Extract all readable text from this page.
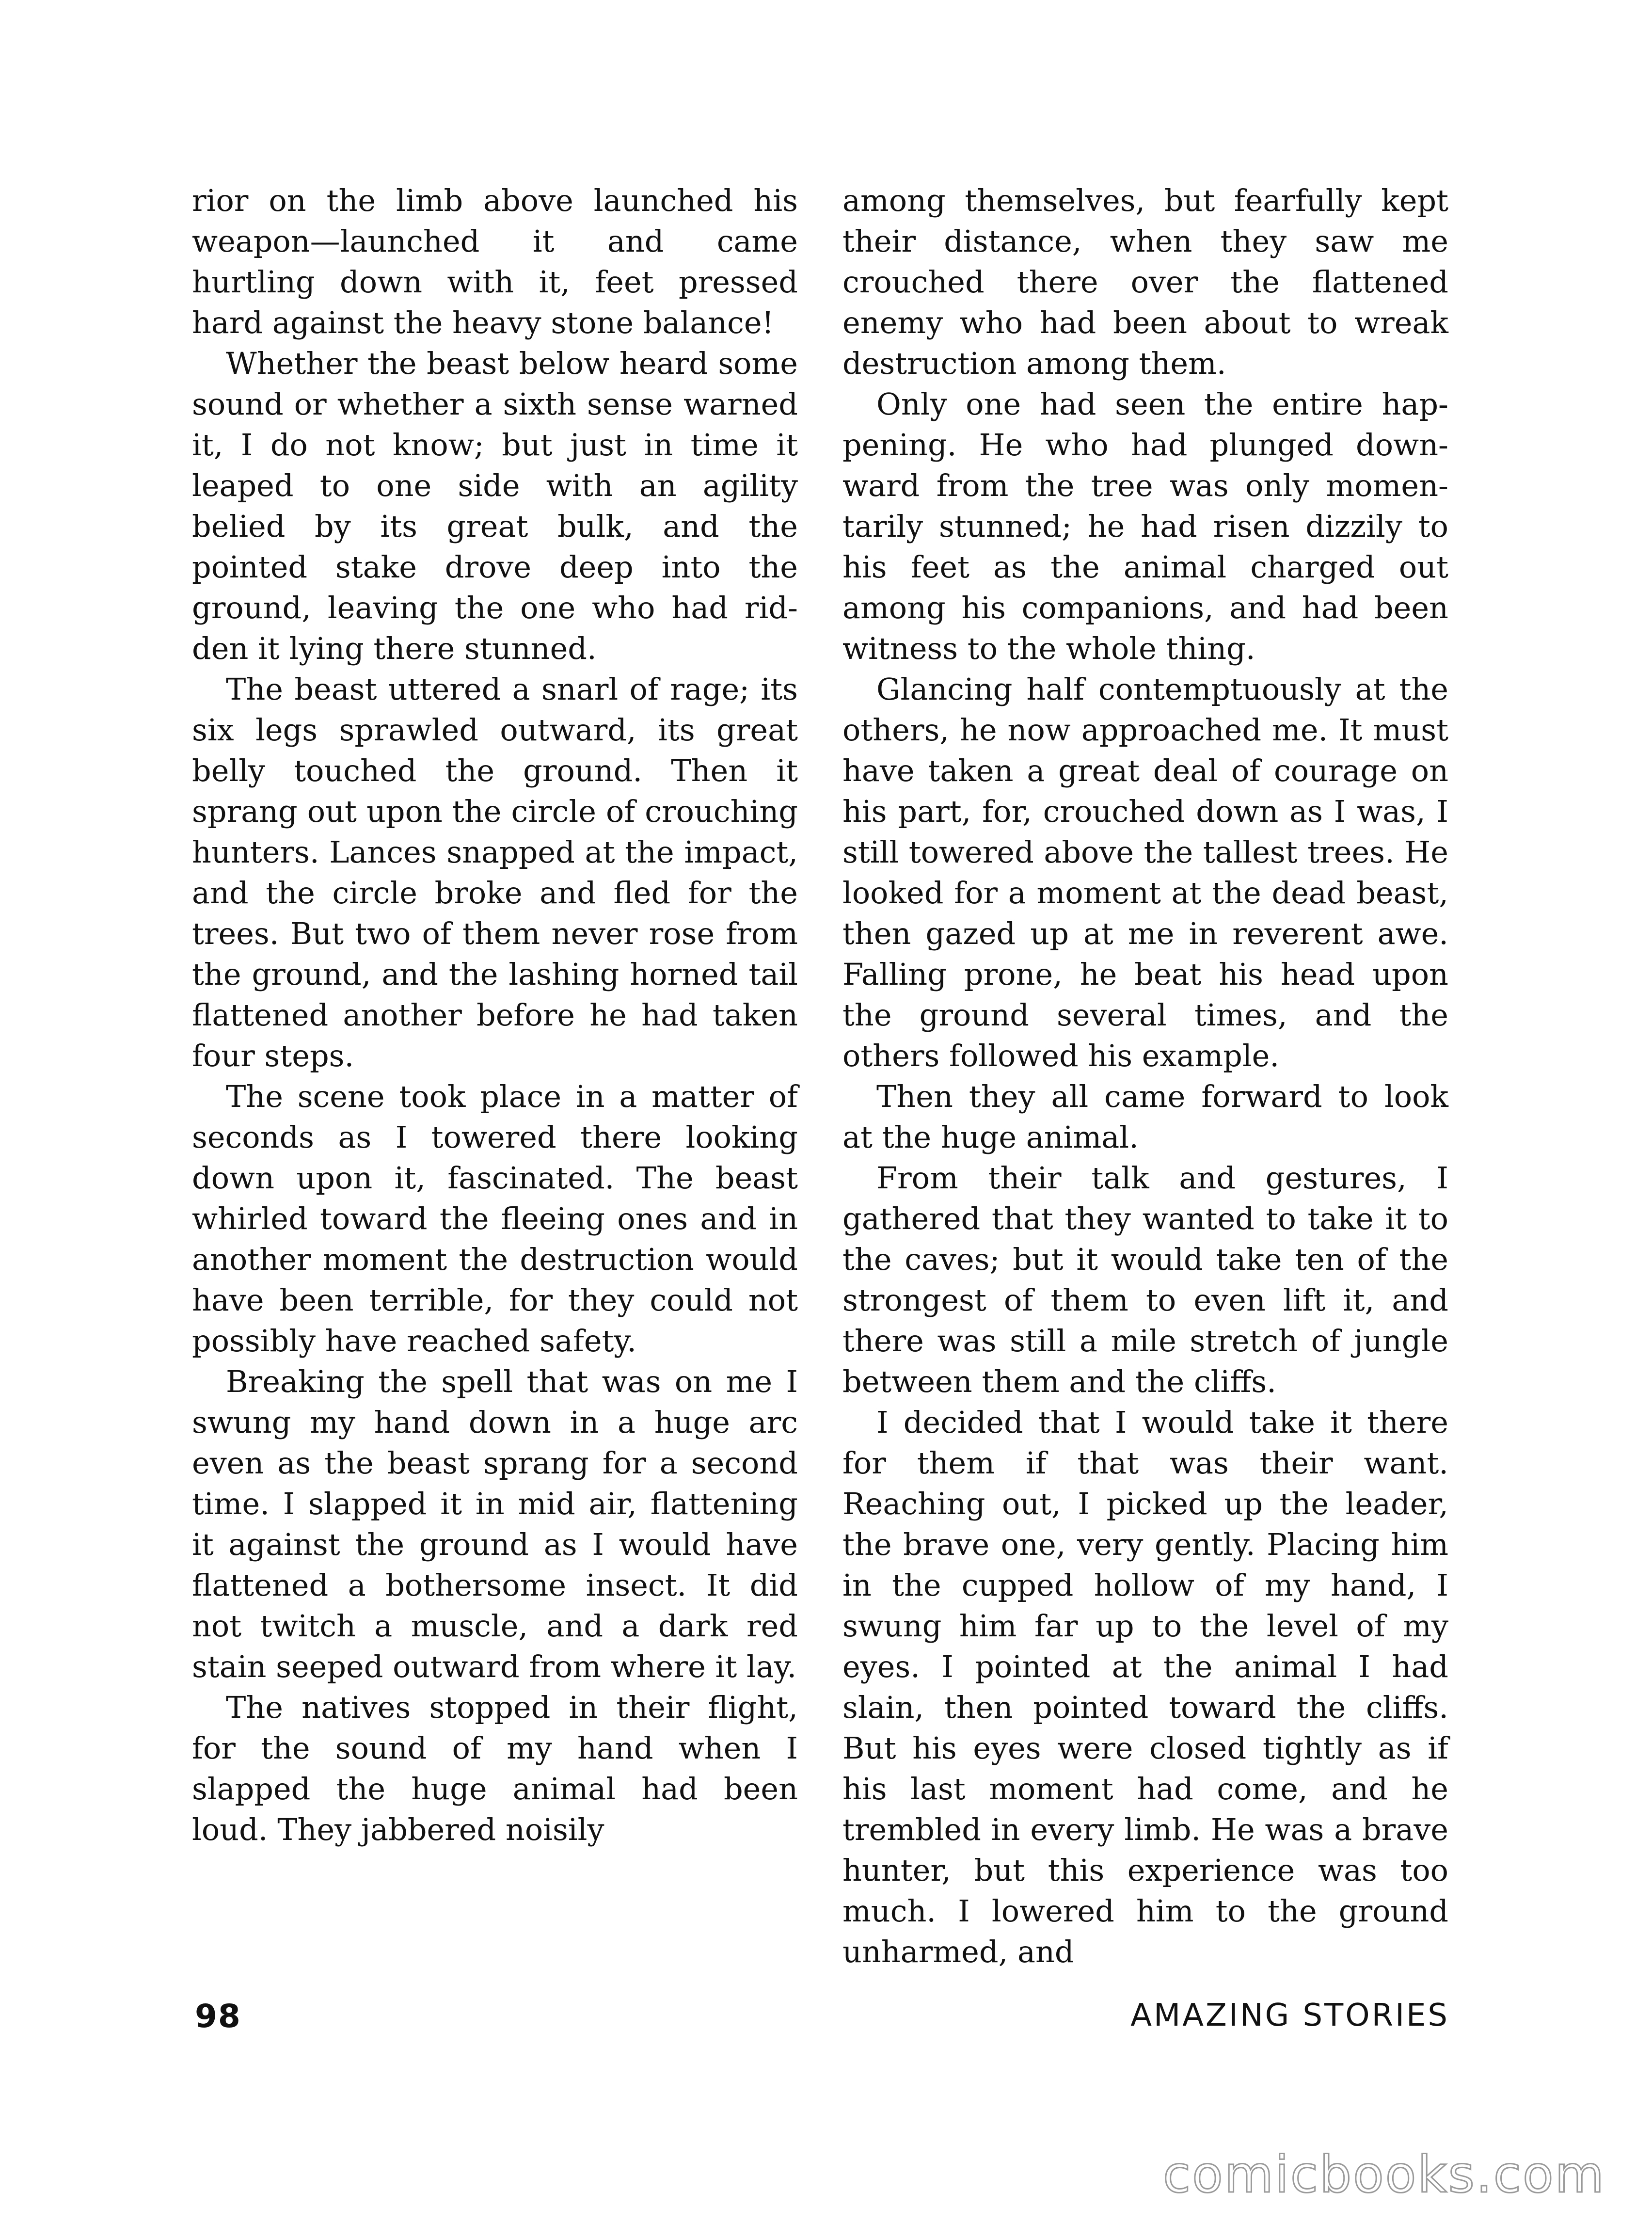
rior on the limb above launched his weapon—launched it and came hurtling down with it, feet pressed hard against the heavy stone balance!

Whether the beast below heard some sound or whether a sixth sense warned it, I do not know; but just in time it leaped to one side with an agility belied by its great bulk, and the pointed stake drove deep into the ground, leaving the one who had ridden it lying there stunned.

The beast uttered a snarl of rage; its six legs sprawled outward, its great belly touched the ground. Then it sprang out upon the circle of crouching hunters. Lances snapped at the impact, and the circle broke and fled for the trees. But two of them never rose from the ground, and the lashing horned tail flattened another before he had taken four steps.

The scene took place in a matter of seconds as I towered there looking down upon it, fascinated. The beast whirled toward the fleeing ones and in another moment the destruction would have been terrible, for they could not possibly have reached safety.

Breaking the spell that was on me I swung my hand down in a huge arc even as the beast sprang for a second time. I slapped it in mid air, flattening it against the ground as I would have flattened a bothersome insect. It did not twitch a muscle, and a dark red stain seeped outward from where it lay.

The natives stopped in their flight, for the sound of my hand when I slapped the huge animal had been loud. They jabbered noisily

among themselves, but fearfully kept their distance, when they saw me crouched there over the flattened enemy who had been about to wreak destruction among them.

Only one had seen the entire happening. He who had plunged downward from the tree was only momentarily stunned; he had risen dizzily to his feet as the animal charged out among his companions, and had been witness to the whole thing.

Glancing half contemptuously at the others, he now approached me. It must have taken a great deal of courage on his part, for, crouched down as I was, I still towered above the tallest trees. He looked for a moment at the dead beast, then gazed up at me in reverent awe. Falling prone, he beat his head upon the ground several times, and the others followed his example.

Then they all came forward to look at the huge animal.

From their talk and gestures, I gathered that they wanted to take it to the caves; but it would take ten of the strongest of them to even lift it, and there was still a mile stretch of jungle between them and the cliffs.

I decided that I would take it there for them if that was their want. Reaching out, I picked up the leader, the brave one, very gently. Placing him in the cupped hollow of my hand, I swung him far up to the level of my eyes. I pointed at the animal I had slain, then pointed toward the cliffs. But his eyes were closed tightly as if his last moment had come, and he trembled in every limb. He was a brave hunter, but this experience was too much. I lowered him to the ground unharmed, and

98	AMAZING STORIES
comicbooks.com
